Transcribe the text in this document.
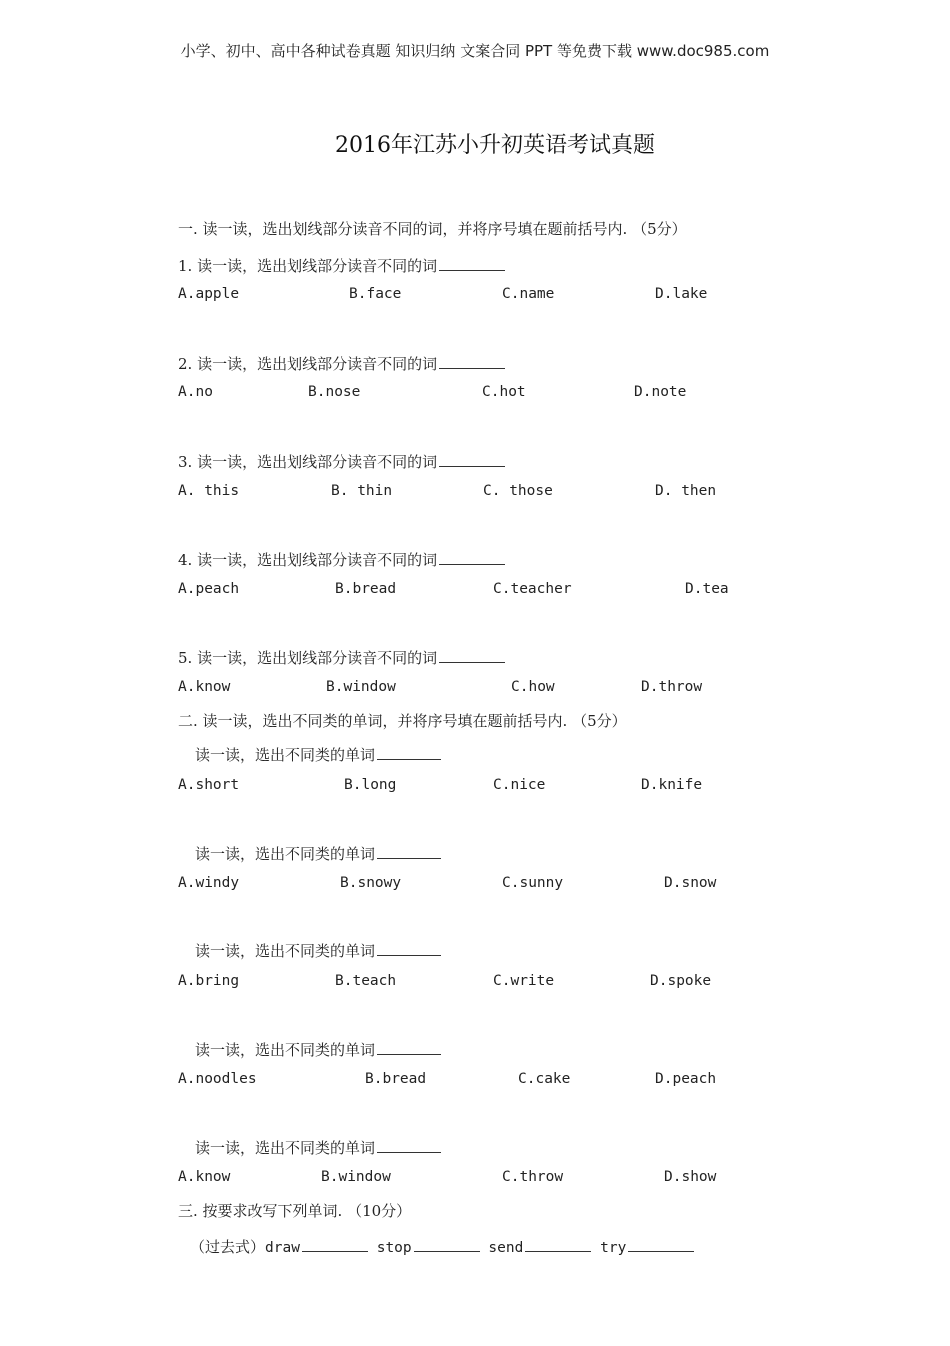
小学、初中、高中各种试卷真题 知识归纳 文案合同 PPT 等免费下载 www.doc985.com
2016年江苏小升初英语考试真题
一. 读一读，选出划线部分读音不同的词，并将序号填在题前括号内. （5分）
1. 读一读，选出划线部分读音不同的词
A.apple	B.face	C.name	D.lake
2. 读一读，选出划线部分读音不同的词
A.no	B.nose	C.hot	D.note
3. 读一读，选出划线部分读音不同的词
A. this	B. thin	C. those	D. then
4. 读一读，选出划线部分读音不同的词
A.peach	B.bread	C.teacher	D.tea
5. 读一读，选出划线部分读音不同的词
A.know	B.window	C.how	D.throw
二. 读一读，选出不同类的单词，并将序号填在题前括号内. （5分）
读一读，选出不同类的单词
A.short	B.long	C.nice	D.knife
读一读，选出不同类的单词
A.windy	B.snowy	C.sunny	D.snow
读一读，选出不同类的单词
A.bring	B.teach	C.write	D.spoke
读一读，选出不同类的单词
A.noodles	B.bread	C.cake	D.peach
读一读，选出不同类的单词
A.know	B.window	C.throw	D.show
三. 按要求改写下列单词. （10分）
（过去式）draw	stop	send	try
